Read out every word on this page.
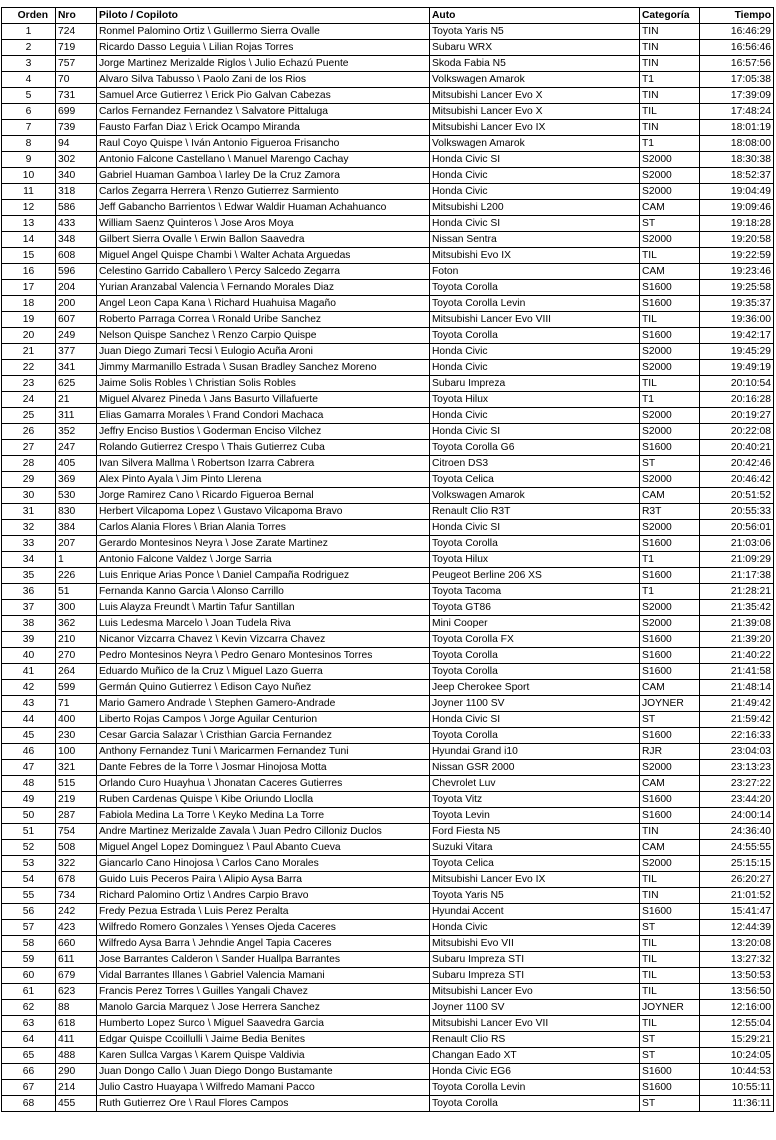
Orden	Nro	Piloto / Copiloto	Auto	Categoría	Tiempo
1	724	Ronmel Palomino Ortiz \ Guillermo Sierra Ovalle	Toyota Yaris N5	TIN	16:46:29
2	719	Ricardo Dasso Leguia \ Lilian Rojas Torres	Subaru WRX	TIN	16:56:46
3	757	Jorge Martinez Merizalde Riglos \ Julio Echazú Puente	Skoda Fabia N5	TIN	16:57:56
4	70	Alvaro Silva Tabusso \ Paolo Zani de los Rios	Volkswagen Amarok	T1	17:05:38
5	731	Samuel Arce Gutierrez \ Erick Pio Galvan Cabezas	Mitsubishi Lancer Evo X	TIN	17:39:09
6	699	Carlos Fernandez Fernandez \ Salvatore Pittaluga	Mitsubishi Lancer Evo X	TIL	17:48:24
7	739	Fausto Farfan Diaz \ Erick Ocampo Miranda	Mitsubishi Lancer Evo IX	TIN	18:01:19
8	94	Raul Coyo Quispe \ Iván Antonio Figueroa Frisancho	Volkswagen Amarok	T1	18:08:00
9	302	Antonio Falcone Castellano \ Manuel Marengo Cachay	Honda Civic SI	S2000	18:30:38
10	340	Gabriel Huaman Gamboa \ Iarley De la Cruz Zamora	Honda Civic	S2000	18:52:37
11	318	Carlos Zegarra Herrera \ Renzo Gutierrez Sarmiento	Honda Civic	S2000	19:04:49
12	586	Jeff Gabancho Barrientos \ Edwar Waldir Huaman Achahuanco	Mitsubishi L200	CAM	19:09:46
13	433	William Saenz Quinteros \ Jose Aros Moya	Honda Civic SI	ST	19:18:28
14	348	Gilbert Sierra Ovalle \ Erwin Ballon Saavedra	Nissan Sentra	S2000	19:20:58
15	608	Miguel Angel Quispe Chambi \ Walter Achata Arguedas	Mitsubishi Evo IX	TIL	19:22:59
16	596	Celestino Garrido Caballero \ Percy Salcedo Zegarra	Foton	CAM	19:23:46
17	204	Yurian Aranzabal Valencia \ Fernando Morales Diaz	Toyota Corolla	S1600	19:25:58
18	200	Angel Leon Capa Kana \ Richard Huahuisa Magaño	Toyota Corolla Levin	S1600	19:35:37
19	607	Roberto Parraga Correa \ Ronald Uribe Sanchez	Mitsubishi Lancer Evo VIII	TIL	19:36:00
20	249	Nelson Quispe Sanchez \ Renzo Carpio Quispe	Toyota Corolla	S1600	19:42:17
21	377	Juan Diego Zumari Tecsi \ Eulogio Acuña Aroni	Honda Civic	S2000	19:45:29
22	341	Jimmy Marmanillo Estrada \ Susan Bradley Sanchez Moreno	Honda Civic	S2000	19:49:19
23	625	Jaime Solis Robles \ Christian Solis Robles	Subaru Impreza	TIL	20:10:54
24	21	Miguel Alvarez Pineda \ Jans Basurto Villafuerte	Toyota Hilux	T1	20:16:28
25	311	Elias Gamarra Morales \ Frand Condori Machaca	Honda Civic	S2000	20:19:27
26	352	Jeffry Enciso Bustios \ Goderman Enciso Vilchez	Honda Civic SI	S2000	20:22:08
27	247	Rolando Gutierrez Crespo \ Thais Gutierrez Cuba	Toyota Corolla G6	S1600	20:40:21
28	405	Ivan Silvera Mallma \ Robertson Izarra Cabrera	Citroen DS3	ST	20:42:46
29	369	Alex Pinto Ayala \ Jim Pinto Llerena	Toyota Celica	S2000	20:46:42
30	530	Jorge Ramirez Cano \ Ricardo Figueroa Bernal	Volkswagen Amarok	CAM	20:51:52
31	830	Herbert Vilcapoma Lopez \ Gustavo Vilcapoma Bravo	Renault Clio R3T	R3T	20:55:33
32	384	Carlos Alania Flores \ Brian Alania Torres	Honda Civic SI	S2000	20:56:01
33	207	Gerardo Montesinos Neyra \ Jose Zarate Martinez	Toyota Corolla	S1600	21:03:06
34	1	Antonio Falcone Valdez \ Jorge Sarria	Toyota Hilux	T1	21:09:29
35	226	Luis Enrique Arias Ponce \ Daniel Campaña Rodriguez	Peugeot Berline 206 XS	S1600	21:17:38
36	51	Fernanda Kanno Garcia \ Alonso Carrillo	Toyota Tacoma	T1	21:28:21
37	300	Luis Alayza Freundt \ Martin Tafur Santillan	Toyota GT86	S2000	21:35:42
38	362	Luis Ledesma Marcelo \ Joan Tudela Riva	Mini Cooper	S2000	21:39:08
39	210	Nicanor Vizcarra Chavez \ Kevin Vizcarra Chavez	Toyota Corolla FX	S1600	21:39:20
40	270	Pedro Montesinos Neyra \ Pedro Genaro Montesinos Torres	Toyota Corolla	S1600	21:40:22
41	264	Eduardo Muñico de la Cruz \ Miguel Lazo Guerra	Toyota Corolla	S1600	21:41:58
42	599	Germán Quino Gutierrez \ Edison Cayo Nuñez	Jeep Cherokee Sport	CAM	21:48:14
43	71	Mario Gamero Andrade \ Stephen Gamero-Andrade	Joyner 1100 SV	JOYNER	21:49:42
44	400	Liberto Rojas Campos \ Jorge Aguilar Centurion	Honda Civic SI	ST	21:59:42
45	230	Cesar Garcia Salazar \ Cristhian Garcia Fernandez	Toyota Corolla	S1600	22:16:33
46	100	Anthony Fernandez Tuni \ Maricarmen Fernandez Tuni	Hyundai Grand i10	RJR	23:04:03
47	321	Dante Febres de la Torre \ Josmar Hinojosa Motta	Nissan GSR 2000	S2000	23:13:23
48	515	Orlando Curo Huayhua \ Jhonatan Caceres Gutierres	Chevrolet Luv	CAM	23:27:22
49	219	Ruben Cardenas Quispe \ Kibe Oriundo Lloclla	Toyota Vitz	S1600	23:44:20
50	287	Fabiola Medina La Torre \ Keyko Medina La Torre	Toyota Levin	S1600	24:00:14
51	754	Andre Martinez Merizalde Zavala \ Juan Pedro Cilloniz Duclos	Ford Fiesta N5	TIN	24:36:40
52	508	Miguel Angel Lopez Dominguez \ Paul Abanto Cueva	Suzuki Vitara	CAM	24:55:55
53	322	Giancarlo Cano Hinojosa \ Carlos Cano Morales	Toyota Celica	S2000	25:15:15
54	678	Guido Luis Peceros Paira \ Alipio Aysa Barra	Mitsubishi Lancer Evo IX	TIL	26:20:27
55	734	Richard Palomino Ortiz \ Andres Carpio Bravo	Toyota Yaris N5	TIN	21:01:52
56	242	Fredy Pezua Estrada \ Luis Perez Peralta	Hyundai Accent	S1600	15:41:47
57	423	Wilfredo Romero Gonzales \ Yenses Ojeda Caceres	Honda Civic	ST	12:44:39
58	660	Wilfredo Aysa Barra \ Jehndie Angel Tapia Caceres	Mitsubishi Evo VII	TIL	13:20:08
59	611	Jose Barrantes Calderon \ Sander Huallpa Barrantes	Subaru Impreza STI	TIL	13:27:32
60	679	Vidal Barrantes Illanes \ Gabriel Valencia Mamani	Subaru Impreza STI	TIL	13:50:53
61	623	Francis Perez Torres \ Guilles Yangali Chavez	Mitsubishi Lancer Evo	TIL	13:56:50
62	88	Manolo Garcia Marquez \ Jose Herrera Sanchez	Joyner 1100 SV	JOYNER	12:16:00
63	618	Humberto Lopez Surco \ Miguel Saavedra Garcia	Mitsubishi Lancer Evo VII	TIL	12:55:04
64	411	Edgar Quispe Ccoillulli \ Jaime Bedia Benites	Renault Clio RS	ST	15:29:21
65	488	Karen Sullca Vargas \ Karem Quispe Valdivia	Changan Eado XT	ST	10:24:05
66	290	Juan Dongo Callo \ Juan Diego Dongo Bustamante	Honda Civic EG6	S1600	10:44:53
67	214	Julio Castro Huayapa \ Wilfredo Mamani Pacco	Toyota Corolla Levin	S1600	10:55:11
68	455	Ruth Gutierrez Ore \ Raul Flores Campos	Toyota Corolla	ST	11:36:11
